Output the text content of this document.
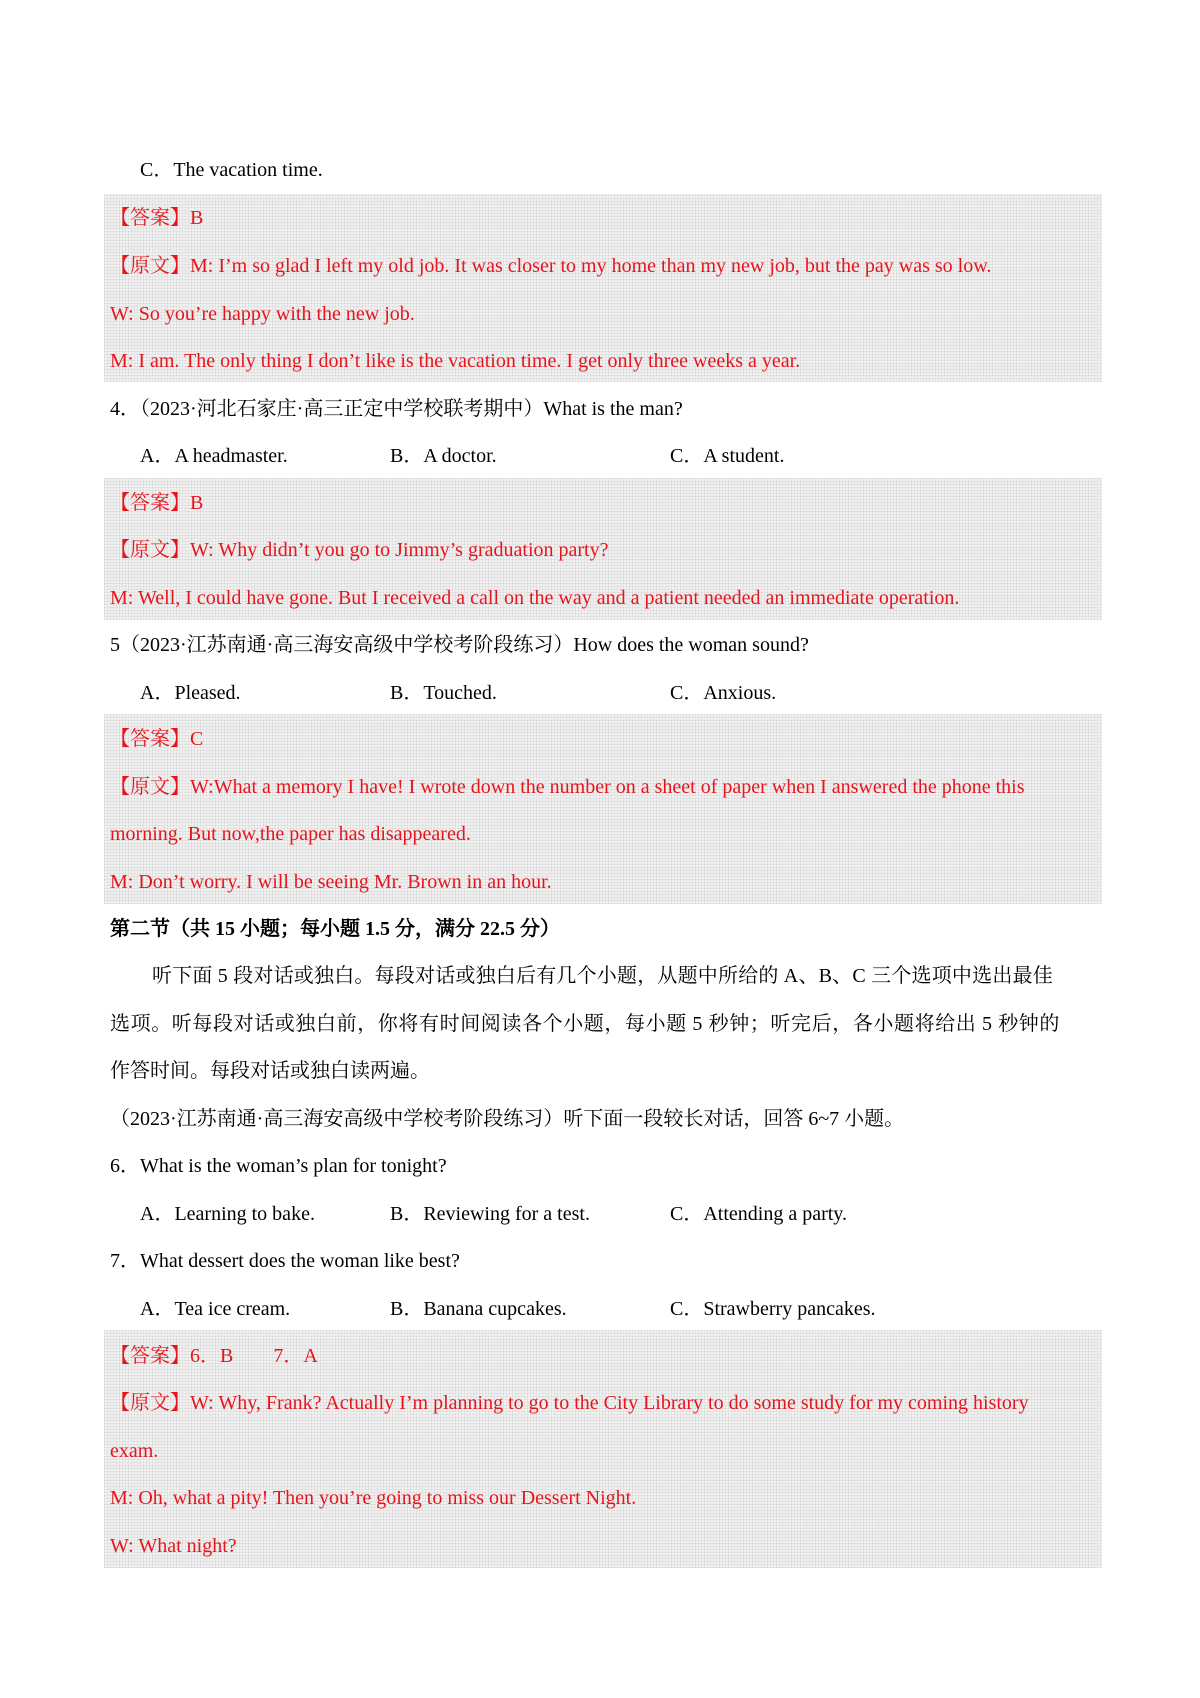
C．The vacation time.
【答案】B
【原文】M: I’m so glad I left my old job. It was closer to my home than my new job, but the pay was so low.
W: So you’re happy with the new job.
M: I am. The only thing I don’t like is the vacation time. I get only three weeks a year.
4．（2023·河北石家庄·高三正定中学校联考期中）What is the man?
A．A headmaster.	B．A doctor.	C．A student.
【答案】B
【原文】W: Why didn’t you go to Jimmy’s graduation party?
M: Well, I could have gone. But I received a call on the way and a patient needed an immediate operation.
5（2023·江苏南通·高三海安高级中学校考阶段练习）How does the woman sound?
A．Pleased.	B．Touched.	C．Anxious.
【答案】C
【原文】W:What a memory I have! I wrote down the number on a sheet of paper when I answered the phone this
morning. But now,the paper has disappeared.
M: Don’t worry. I will be seeing Mr. Brown in an hour.
第二节（共 15 小题；每小题 1.5 分，满分 22.5 分）
听下面 5 段对话或独白。每段对话或独白后有几个小题，从题中所给的 A、B、C 三个选项中选出最佳
选项。听每段对话或独白前，你将有时间阅读各个小题，每小题 5 秒钟；听完后，各小题将给出 5 秒钟的
作答时间。每段对话或独白读两遍。
（2023·江苏南通·高三海安高级中学校考阶段练习）听下面一段较长对话，回答 6~7 小题。
6．What is the woman’s plan for tonight?
A．Learning to bake.	B．Reviewing for a test.	C．Attending a party.
7．What dessert does the woman like best?
A．Tea ice cream.	B．Banana cupcakes.	C．Strawberry pancakes.
【答案】6．B　　7．A
【原文】W: Why, Frank? Actually I’m planning to go to the City Library to do some study for my coming history
exam.
M: Oh, what a pity! Then you’re going to miss our Dessert Night.
W: What night?
